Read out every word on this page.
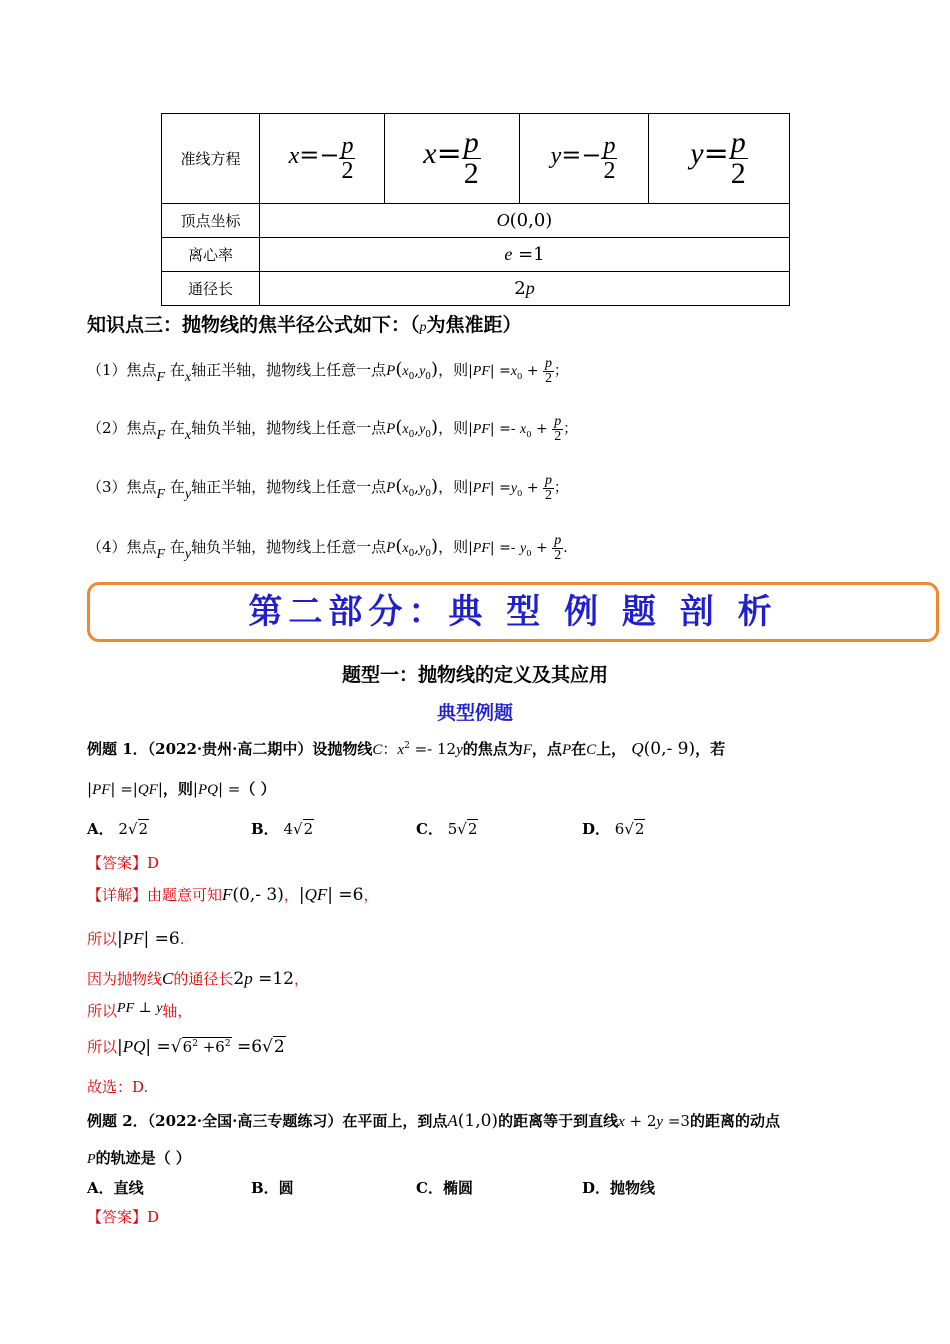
准线方程	$x=- \frac{p}{2}$	$x= \frac{p}{2}$	$y=- \frac{p}{2}$	$y= \frac{p}{2}$

顶点坐标	O(0,0)			
离心率	e =1			
通径长	2p			
知识点三：抛物线的焦半径公式如下：（p为焦准距）
（1）焦点F 在x轴正半轴，抛物线上任意一点$P(x_0,y_0)$，则$|PF| =x_0 + \frac{p}{2}$ ；
（2）焦点F 在x轴负半轴，抛物线上任意一点$P(x_0,y_0)$，则$|PF| =- x_0 + \frac{p}{2}$ ；
（3）焦点F 在y轴正半轴，抛物线上任意一点$P(x_0,y_0)$，则$|PF| =y_0 + \frac{p}{2}$ ；
（4）焦点F 在y轴负半轴，抛物线上任意一点$P(x_0,y_0)$，则$|PF| =- y_0 + \frac{p}{2}$ .
第二部分：典 型 例 题 剖 析
题型一：抛物线的定义及其应用
典型例题
例题 1．（2022·贵州·高二期中）设抛物线C：$x^2 =- 12y$的焦点为F，点P在C上， Q(0,- 9)，若
|PF| =|QF|，则|PQ| =（ ）
A． 2√2	B． 4√2	C． 5√2	D． 6√2
【答案】D
【详解】由题意可知F(0,- 3)，|QF| =6，
所以|PF| =6.
因为抛物线C的通径长2p =12，
所以PF ⊥ y轴，
所以$|PQ| =√6^2 +6^2 =6√2$
故选：D.
例题 2．（2022·全国·高三专题练习）在平面上，到点A(1,0)的距离等于到直线x + 2y =3的距离的动点
P的轨迹是（ ）
A．直线	B．圆	C．椭圆	D．抛物线
【答案】D
